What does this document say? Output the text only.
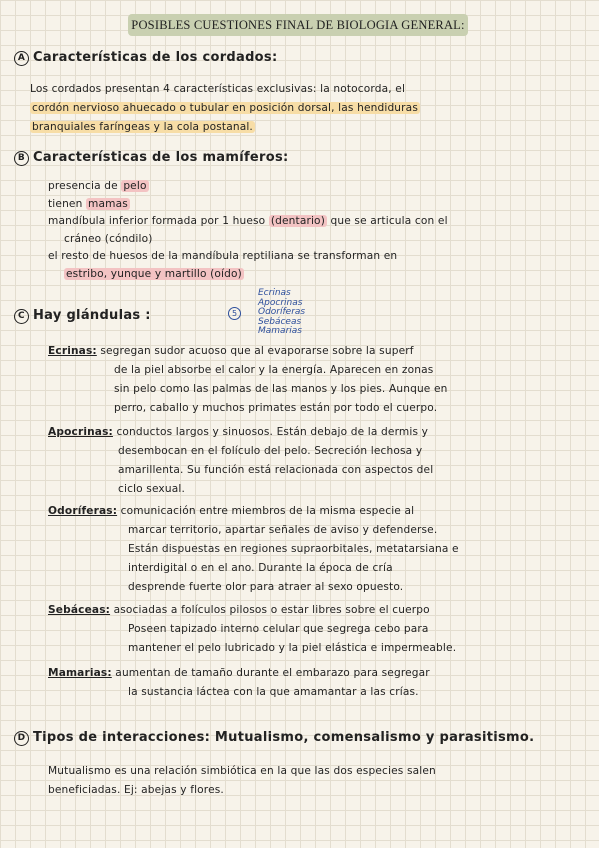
POSIBLES CUESTIONES FINAL DE BIOLOGIA GENERAL:
A Características de los cordados:
Los cordados presentan 4 características exclusivas: la notocorda, el
cordón nervioso ahuecado o tubular en posición dorsal, las hendiduras
branquiales faríngeas y la cola postanal.
B Características de los mamíferos:
presencia de pelo
tienen mamas
mandíbula inferior formada por 1 hueso (dentario) que se articula con el
cráneo (cóndilo)
el resto de huesos de la mandíbula reptiliana se transforman en
estribo, yunque y martillo (oído)
C Hay glándulas :	5
Ecrinas
Apocrinas
Odoríferas
Sebáceas
Mamarias
Ecrinas: segregan sudor acuoso que al evaporarse sobre la superf
de la piel absorbe el calor y la energía. Aparecen en zonas
sin pelo como las palmas de las manos y los pies. Aunque en
perro, caballo y muchos primates están por todo el cuerpo.
Apocrinas: conductos largos y sinuosos. Están debajo de la dermis y
desembocan en el folículo del pelo. Secreción lechosa y
amarillenta. Su función está relacionada con aspectos del
ciclo sexual.
Odoríferas: comunicación entre miembros de la misma especie al
marcar territorio, apartar señales de aviso y defenderse.
Están dispuestas en regiones supraorbitales, metatarsiana e
interdigital o en el ano. Durante la época de cría
desprende fuerte olor para atraer al sexo opuesto.
Sebáceas: asociadas a folículos pilosos o estar libres sobre el cuerpo
Poseen tapizado interno celular que segrega cebo para
mantener el pelo lubricado y la piel elástica e impermeable.
Mamarias: aumentan de tamaño durante el embarazo para segregar
la sustancia láctea con la que amamantar a las crías.
D Tipos de interacciones: Mutualismo, comensalismo y parasitismo.
Mutualismo es una relación simbiótica en la que las dos especies salen
beneficiadas. Ej: abejas y flores.
